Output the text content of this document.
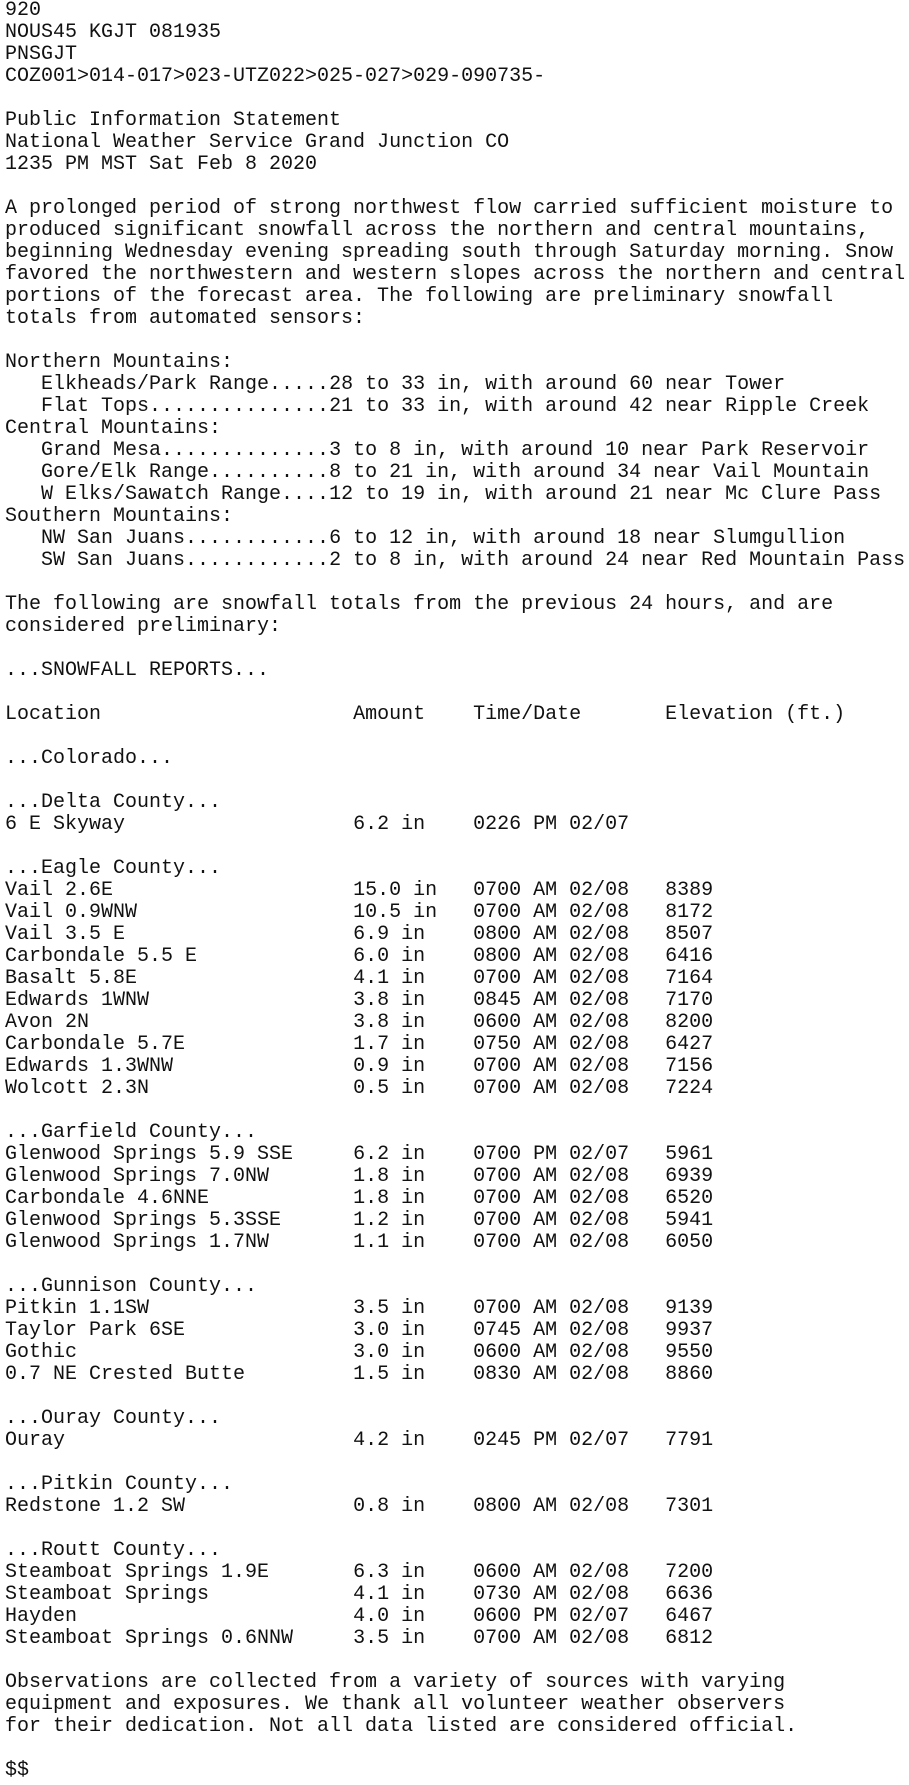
920
NOUS45 KGJT 081935
PNSGJT
COZ001>014-017>023-UTZ022>025-027>029-090735-
Public Information Statement
National Weather Service Grand Junction CO
1235 PM MST Sat Feb 8 2020
A prolonged period of strong northwest flow carried sufficient moisture to
produced significant snowfall across the northern and central mountains,
beginning Wednesday evening spreading south through Saturday morning. Snow
favored the northwestern and western slopes across the northern and central
portions of the forecast area. The following are preliminary snowfall
totals from automated sensors:
Northern Mountains:
Elkheads/Park Range.....28 to 33 in, with around 60 near Tower
Flat Tops...............21 to 33 in, with around 42 near Ripple Creek
Central Mountains:
Grand Mesa..............3 to 8 in, with around 10 near Park Reservoir
Gore/Elk Range..........8 to 21 in, with around 34 near Vail Mountain
W Elks/Sawatch Range....12 to 19 in, with around 21 near Mc Clure Pass
Southern Mountains:
NW San Juans............6 to 12 in, with around 18 near Slumgullion
SW San Juans............2 to 8 in, with around 24 near Red Mountain Pass
The following are snowfall totals from the previous 24 hours, and are
considered preliminary:
...SNOWFALL REPORTS...
Location                     Amount    Time/Date       Elevation (ft.)
...Colorado...
...Delta County...
6 E Skyway                   6.2 in    0226 PM 02/07
...Eagle County...
Vail 2.6E                    15.0 in   0700 AM 02/08   8389
Vail 0.9WNW                  10.5 in   0700 AM 02/08   8172
Vail 3.5 E                   6.9 in    0800 AM 02/08   8507
Carbondale 5.5 E             6.0 in    0800 AM 02/08   6416
Basalt 5.8E                  4.1 in    0700 AM 02/08   7164
Edwards 1WNW                 3.8 in    0845 AM 02/08   7170
Avon 2N                      3.8 in    0600 AM 02/08   8200
Carbondale 5.7E              1.7 in    0750 AM 02/08   6427
Edwards 1.3WNW               0.9 in    0700 AM 02/08   7156
Wolcott 2.3N                 0.5 in    0700 AM 02/08   7224
...Garfield County...
Glenwood Springs 5.9 SSE     6.2 in    0700 PM 02/07   5961
Glenwood Springs 7.0NW       1.8 in    0700 AM 02/08   6939
Carbondale 4.6NNE            1.8 in    0700 AM 02/08   6520
Glenwood Springs 5.3SSE      1.2 in    0700 AM 02/08   5941
Glenwood Springs 1.7NW       1.1 in    0700 AM 02/08   6050
...Gunnison County...
Pitkin 1.1SW                 3.5 in    0700 AM 02/08   9139
Taylor Park 6SE              3.0 in    0745 AM 02/08   9937
Gothic                       3.0 in    0600 AM 02/08   9550
0.7 NE Crested Butte         1.5 in    0830 AM 02/08   8860
...Ouray County...
Ouray                        4.2 in    0245 PM 02/07   7791
...Pitkin County...
Redstone 1.2 SW              0.8 in    0800 AM 02/08   7301
...Routt County...
Steamboat Springs 1.9E       6.3 in    0600 AM 02/08   7200
Steamboat Springs            4.1 in    0730 AM 02/08   6636
Hayden                       4.0 in    0600 PM 02/07   6467
Steamboat Springs 0.6NNW     3.5 in    0700 AM 02/08   6812
Observations are collected from a variety of sources with varying
equipment and exposures. We thank all volunteer weather observers
for their dedication. Not all data listed are considered official.
$$
